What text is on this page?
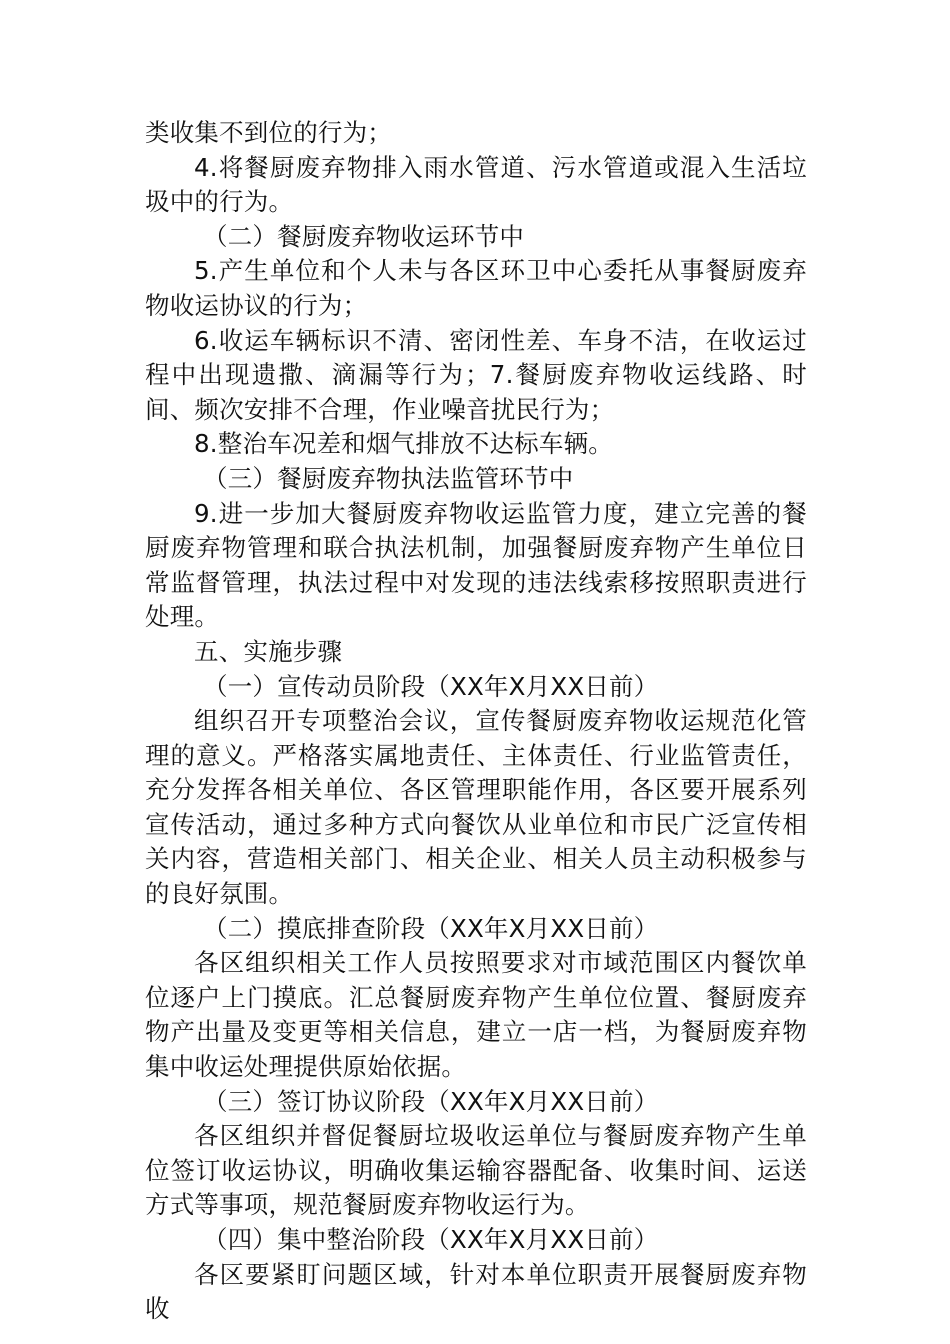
类收集不到位的行为；

4.将餐厨废弃物排入雨水管道、污水管道或混入生活垃圾中的行为。

（二）餐厨废弃物收运环节中

5.产生单位和个人未与各区环卫中心委托从事餐厨废弃物收运协议的行为；

6.收运车辆标识不清、密闭性差、车身不洁，在收运过程中出现遗撒、滴漏等行为；7.餐厨废弃物收运线路、时间、频次安排不合理，作业噪音扰民行为；

8.整治车况差和烟气排放不达标车辆。

（三）餐厨废弃物执法监管环节中

9.进一步加大餐厨废弃物收运监管力度，建立完善的餐厨废弃物管理和联合执法机制，加强餐厨废弃物产生单位日常监督管理，执法过程中对发现的违法线索移按照职责进行处理。

五、实施步骤

（一）宣传动员阶段（XX年X月XX日前）

组织召开专项整治会议，宣传餐厨废弃物收运规范化管理的意义。严格落实属地责任、主体责任、行业监管责任，充分发挥各相关单位、各区管理职能作用，各区要开展系列宣传活动，通过多种方式向餐饮从业单位和市民广泛宣传相关内容，营造相关部门、相关企业、相关人员主动积极参与的良好氛围。

（二）摸底排查阶段（XX年X月XX日前）

各区组织相关工作人员按照要求对市域范围区内餐饮单位逐户上门摸底。汇总餐厨废弃物产生单位位置、餐厨废弃物产出量及变更等相关信息，建立一店一档，为餐厨废弃物集中收运处理提供原始依据。

（三）签订协议阶段（XX年X月XX日前）

各区组织并督促餐厨垃圾收运单位与餐厨废弃物产生单位签订收运协议，明确收集运输容器配备、收集时间、运送方式等事项，规范餐厨废弃物收运行为。

（四）集中整治阶段（XX年X月XX日前）

各区要紧盯问题区域，针对本单位职责开展餐厨废弃物收
